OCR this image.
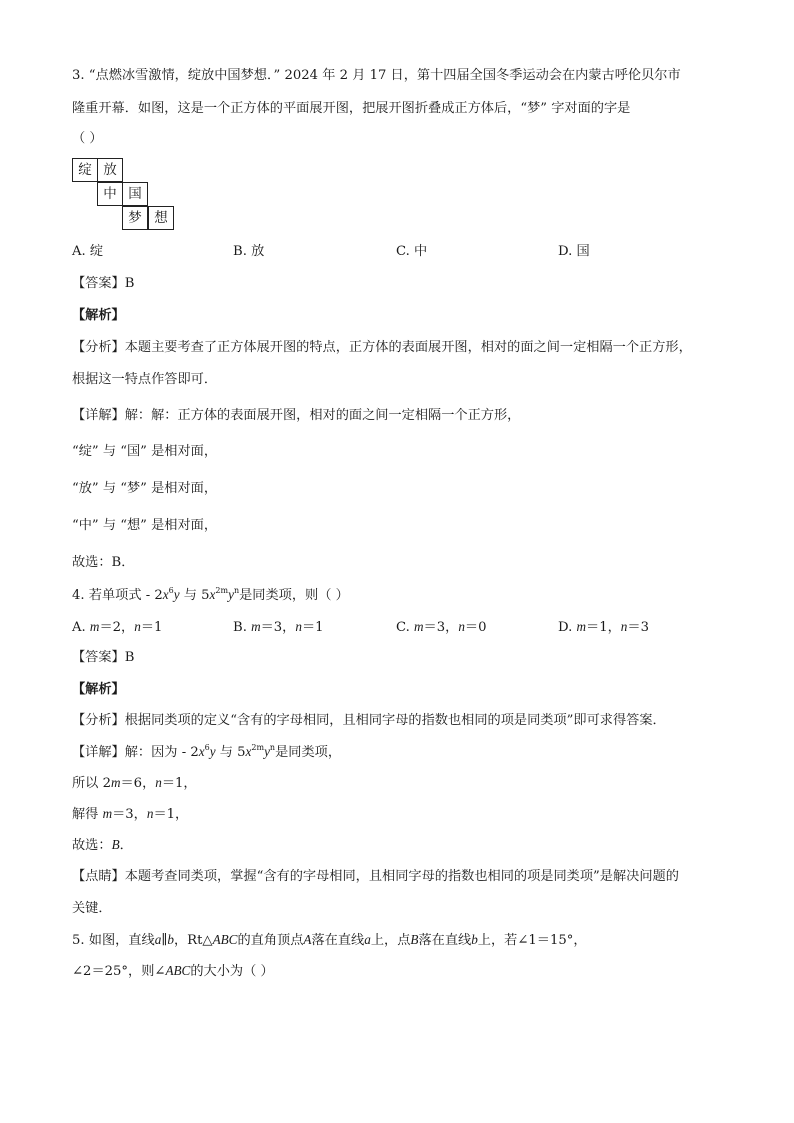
3. “点燃冰雪激情，绽放中国梦想．” 2024 年 2 月 17 日，第十四届全国冬季运动会在内蒙古呼伦贝尔市
隆重开幕．如图，这是一个正方体的平面展开图，把展开图折叠成正方体后，“梦” 字对面的字是
（ ）
绽 放
中 国
梦 想
A. 绽	B. 放	C. 中	D. 国
【答案】B
【解析】
【分析】本题主要考查了正方体展开图的特点，正方体的表面展开图，相对的面之间一定相隔一个正方形，
根据这一特点作答即可．
【详解】解：解：正方体的表面展开图，相对的面之间一定相隔一个正方形，
“绽” 与 “国” 是相对面，
“放” 与 “梦” 是相对面，
“中” 与 “想” 是相对面，
故选：B．
4. 若单项式 - $2x^6y$ 与 $5x^{2m}y^n$是同类项，则（ ）
A. m＝2，n＝1	B. m＝3，n＝1	C. m＝3，n＝0	D. m＝1，n＝3
【答案】B
【解析】
【分析】根据同类项的定义“含有的字母相同，且相同字母的指数也相同的项是同类项”即可求得答案．
【详解】解：因为 - $2x^6y$ 与 $5x^{2m}y^n$是同类项，
所以 2m＝6，n＝1，
解得 m＝3，n＝1，
故选：B．
【点睛】本题考查同类项，掌握“含有的字母相同，且相同字母的指数也相同的项是同类项”是解决问题的
关键．
5. 如图，直线a∥b，Rt△ABC的直角顶点A落在直线a上，点B落在直线b上，若∠1＝15°，
∠2＝25°，则∠ABC的大小为（ ）
